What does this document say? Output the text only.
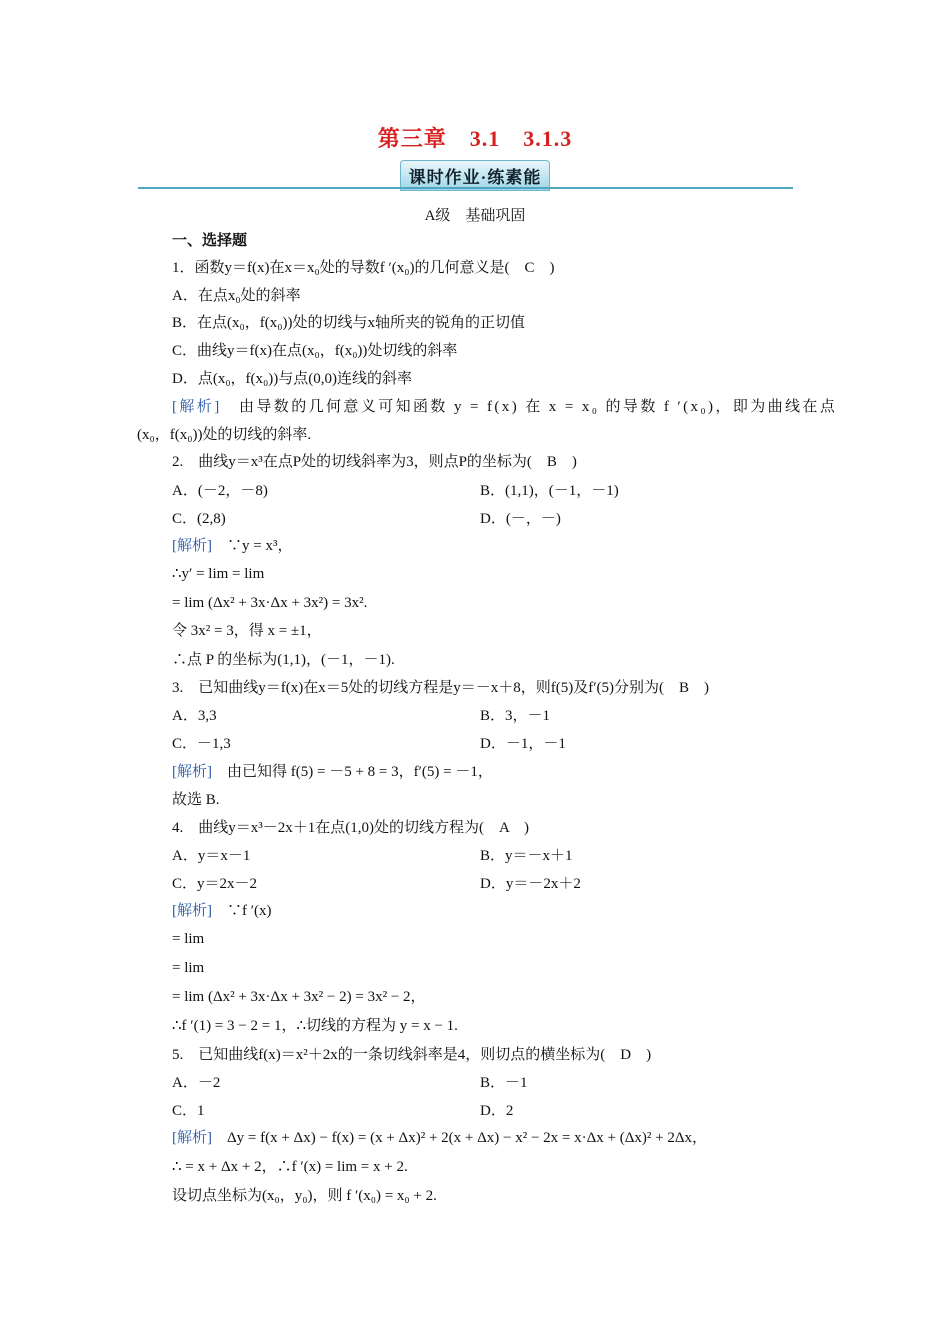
第三章　3.1　3.1.3
课时作业·练素能
A级　基础巩固
一、选择题
1．函数y＝f(x)在x＝x₀处的导数f ′(x₀)的几何意义是(　C　)
A．在点x₀处的斜率
B．在点(x₀，f(x₀))处的切线与x轴所夹的锐角的正切值
C．曲线y＝f(x)在点(x₀，f(x₀))处切线的斜率
D．点(x₀，f(x₀))与点(0,0)连线的斜率
[解析]　由导数的几何意义可知函数 y = f(x) 在 x = x₀ 的导数 f ′(x₀)，即为曲线在点
(x₀，f(x₀))处的切线的斜率.
2.　曲线y＝x³在点P处的切线斜率为3，则点P的坐标为(　B　)
A．(－2，－8)	B．(1,1)，(－1，－1)
C．(2,8)	D．(－，－)
[解析]　∵y = x³，
∴y′ = lim = lim
= lim (Δx² + 3x·Δx + 3x²) = 3x².
令 3x² = 3，得 x = ±1，
∴点 P 的坐标为(1,1)，(－1，－1).
3.　已知曲线y＝f(x)在x＝5处的切线方程是y＝－x＋8，则f(5)及f′(5)分别为(　B　)
A．3,3	B．3，－1
C．－1,3	D．－1，－1
[解析]　由已知得 f(5) = －5 + 8 = 3，f′(5) = －1，
故选 B.
4.　曲线y＝x³－2x＋1在点(1,0)处的切线方程为(　A　)
A．y＝x－1	B．y＝－x＋1
C．y＝2x－2	D．y＝－2x＋2
[解析]　∵f ′(x)
= lim
= lim
= lim (Δx² + 3x·Δx + 3x² − 2) = 3x² − 2，
∴f ′(1) = 3 − 2 = 1，∴切线的方程为 y = x − 1.
5.　已知曲线f(x)＝x²＋2x的一条切线斜率是4，则切点的横坐标为(　D　)
A．－2	B．－1
C．1	D．2
[解析]　Δy = f(x + Δx) − f(x) = (x + Δx)² + 2(x + Δx) − x² − 2x = x·Δx + (Δx)² + 2Δx，
∴ = x + Δx + 2，∴f ′(x) = lim = x + 2.
设切点坐标为(x₀，y₀)，则 f ′(x₀) = x₀ + 2.
